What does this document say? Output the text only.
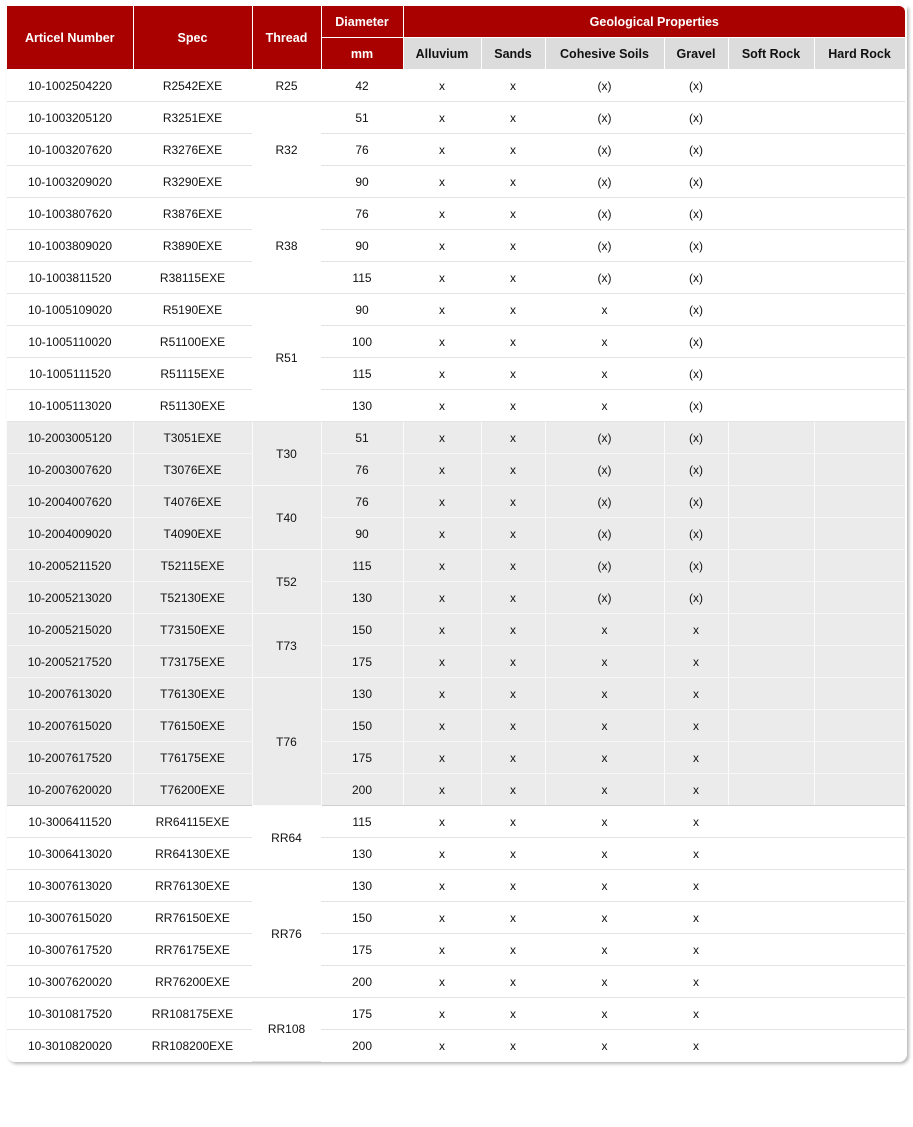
Articel Number	Spec	Thread	Diameter	Geological Properties					
			mm	Alluvium	Sands	Cohesive Soils	Gravel	Soft Rock	Hard Rock
10-1002504220	R2542EXE	R25	42	x	x	(x)	(x)		
10-1003205120	R3251EXE	R32	51	x	x	(x)	(x)		
10-1003207620	R3276EXE		76	x	x	(x)	(x)		
10-1003209020	R3290EXE		90	x	x	(x)	(x)		
10-1003807620	R3876EXE	R38	76	x	x	(x)	(x)		
10-1003809020	R3890EXE		90	x	x	(x)	(x)		
10-1003811520	R38115EXE		115	x	x	(x)	(x)		
10-1005109020	R5190EXE	R51	90	x	x	x	(x)		
10-1005110020	R51100EXE		100	x	x	x	(x)		
10-1005111520	R51115EXE		115	x	x	x	(x)		
10-1005113020	R51130EXE		130	x	x	x	(x)		
10-2003005120	T3051EXE	T30	51	x	x	(x)	(x)		
10-2003007620	T3076EXE		76	x	x	(x)	(x)		
10-2004007620	T4076EXE	T40	76	x	x	(x)	(x)		
10-2004009020	T4090EXE		90	x	x	(x)	(x)		
10-2005211520	T52115EXE	T52	115	x	x	(x)	(x)		
10-2005213020	T52130EXE		130	x	x	(x)	(x)		
10-2005215020	T73150EXE	T73	150	x	x	x	x		
10-2005217520	T73175EXE		175	x	x	x	x		
10-2007613020	T76130EXE	T76	130	x	x	x	x		
10-2007615020	T76150EXE		150	x	x	x	x		
10-2007617520	T76175EXE		175	x	x	x	x		
10-2007620020	T76200EXE		200	x	x	x	x		
10-3006411520	RR64115EXE	RR64	115	x	x	x	x		
10-3006413020	RR64130EXE		130	x	x	x	x		
10-3007613020	RR76130EXE	RR76	130	x	x	x	x		
10-3007615020	RR76150EXE		150	x	x	x	x		
10-3007617520	RR76175EXE		175	x	x	x	x		
10-3007620020	RR76200EXE		200	x	x	x	x		
10-3010817520	RR108175EXE	RR108	175	x	x	x	x		
10-3010820020	RR108200EXE		200	x	x	x	x		
